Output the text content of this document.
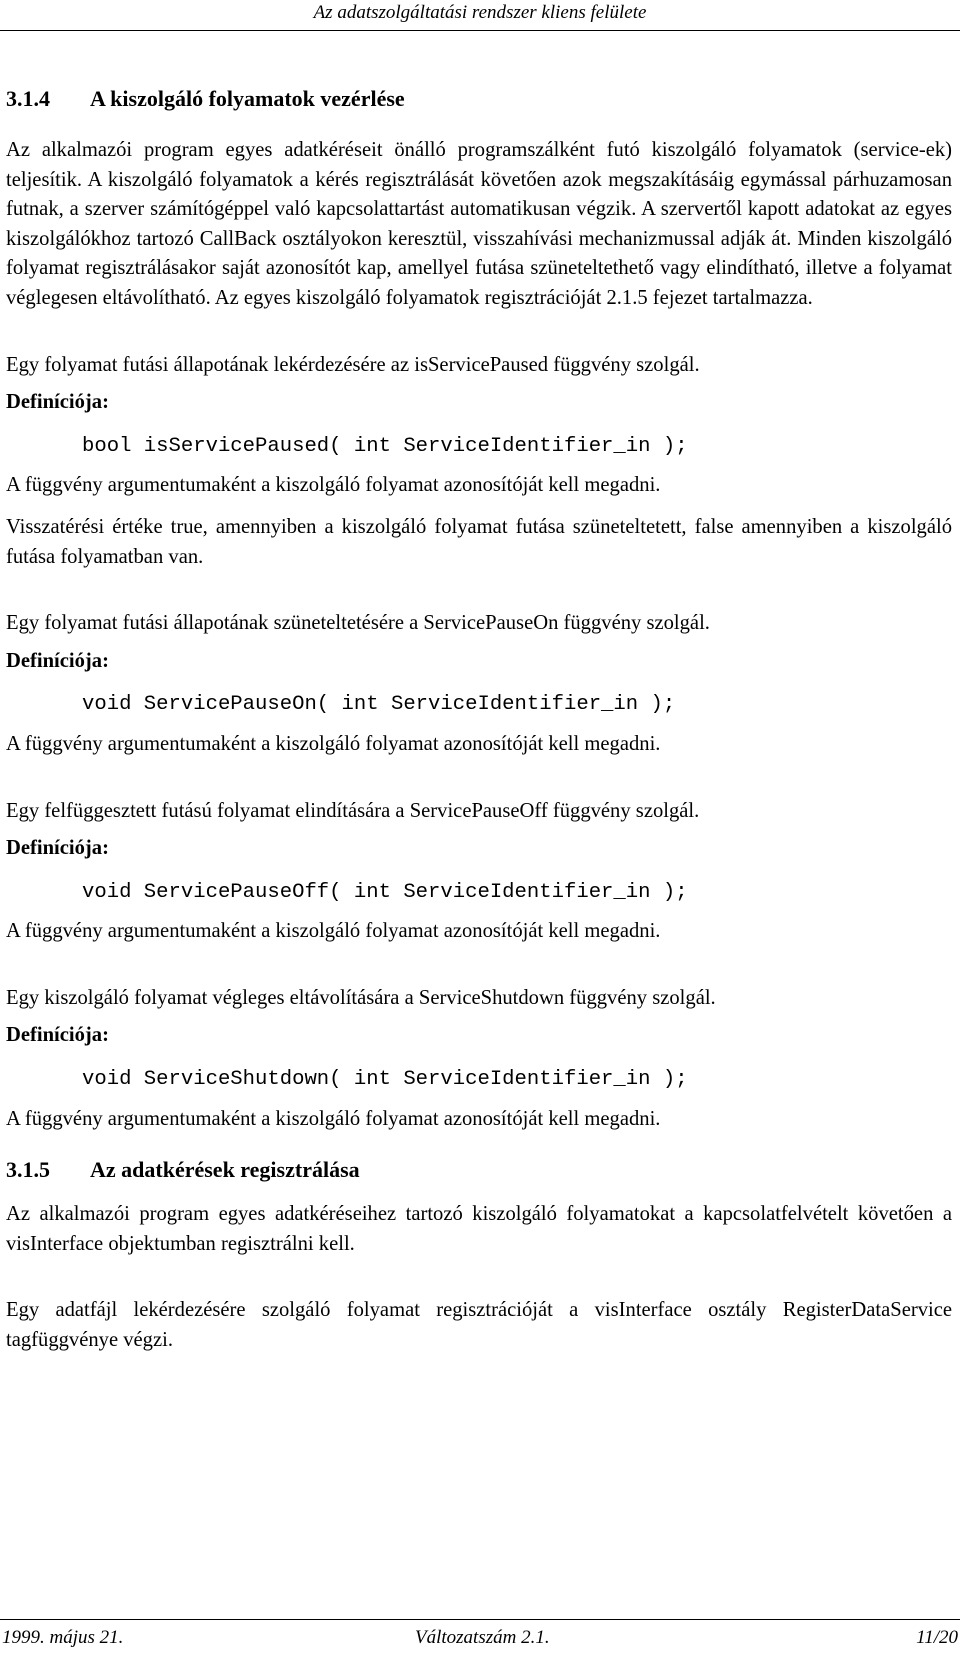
Az adatszolgáltatási rendszer kliens felülete
3.1.4 A kiszolgáló folyamatok vezérlése

Az alkalmazói program egyes adatkéréseit önálló programszálként futó kiszolgáló folyamatok (service-ek) teljesítik. A kiszolgáló folyamatok a kérés regisztrálását követően azok megszakításáig egymással párhuzamosan futnak, a szerver számítógéppel való kapcsolattartást automatikusan végzik. A szervertől kapott adatokat az egyes kiszolgálókhoz tartozó CallBack osztályokon keresztül, visszahívási mechanizmussal adják át. Minden kiszolgáló folyamat regisztrálásakor saját azonosítót kap, amellyel futása szüneteltethető vagy elindítható, illetve a folyamat véglegesen eltávolítható. Az egyes kiszolgáló folyamatok regisztrációját 2.1.5 fejezet tartalmazza.

Egy folyamat futási állapotának lekérdezésére az isServicePaused függvény szolgál.

Definíciója:

bool isServicePaused( int ServiceIdentifier_in );

A függvény argumentumaként a kiszolgáló folyamat azonosítóját kell megadni.

Visszatérési értéke true, amennyiben a kiszolgáló folyamat futása szüneteltetett, false amennyiben a kiszolgáló futása folyamatban van.

Egy folyamat futási állapotának szüneteltetésére a ServicePauseOn függvény szolgál.

Definíciója:

void ServicePauseOn( int ServiceIdentifier_in );

A függvény argumentumaként a kiszolgáló folyamat azonosítóját kell megadni.

Egy felfüggesztett futású folyamat elindítására a ServicePauseOff függvény szolgál.

Definíciója:

void ServicePauseOff( int ServiceIdentifier_in );

A függvény argumentumaként a kiszolgáló folyamat azonosítóját kell megadni.

Egy kiszolgáló folyamat végleges eltávolítására a ServiceShutdown függvény szolgál.

Definíciója:

void ServiceShutdown( int ServiceIdentifier_in );

A függvény argumentumaként a kiszolgáló folyamat azonosítóját kell megadni.

3.1.5 Az adatkérések regisztrálása

Az alkalmazói program egyes adatkéréseihez tartozó kiszolgáló folyamatokat a kapcsolatfelvételt követően a visInterface objektumban regisztrálni kell.

Egy adatfájl lekérdezésére szolgáló folyamat regisztrációját a visInterface osztály RegisterDataService tagfüggvénye végzi.

1999. május 21.	Változatszám 2.1.	11/20
